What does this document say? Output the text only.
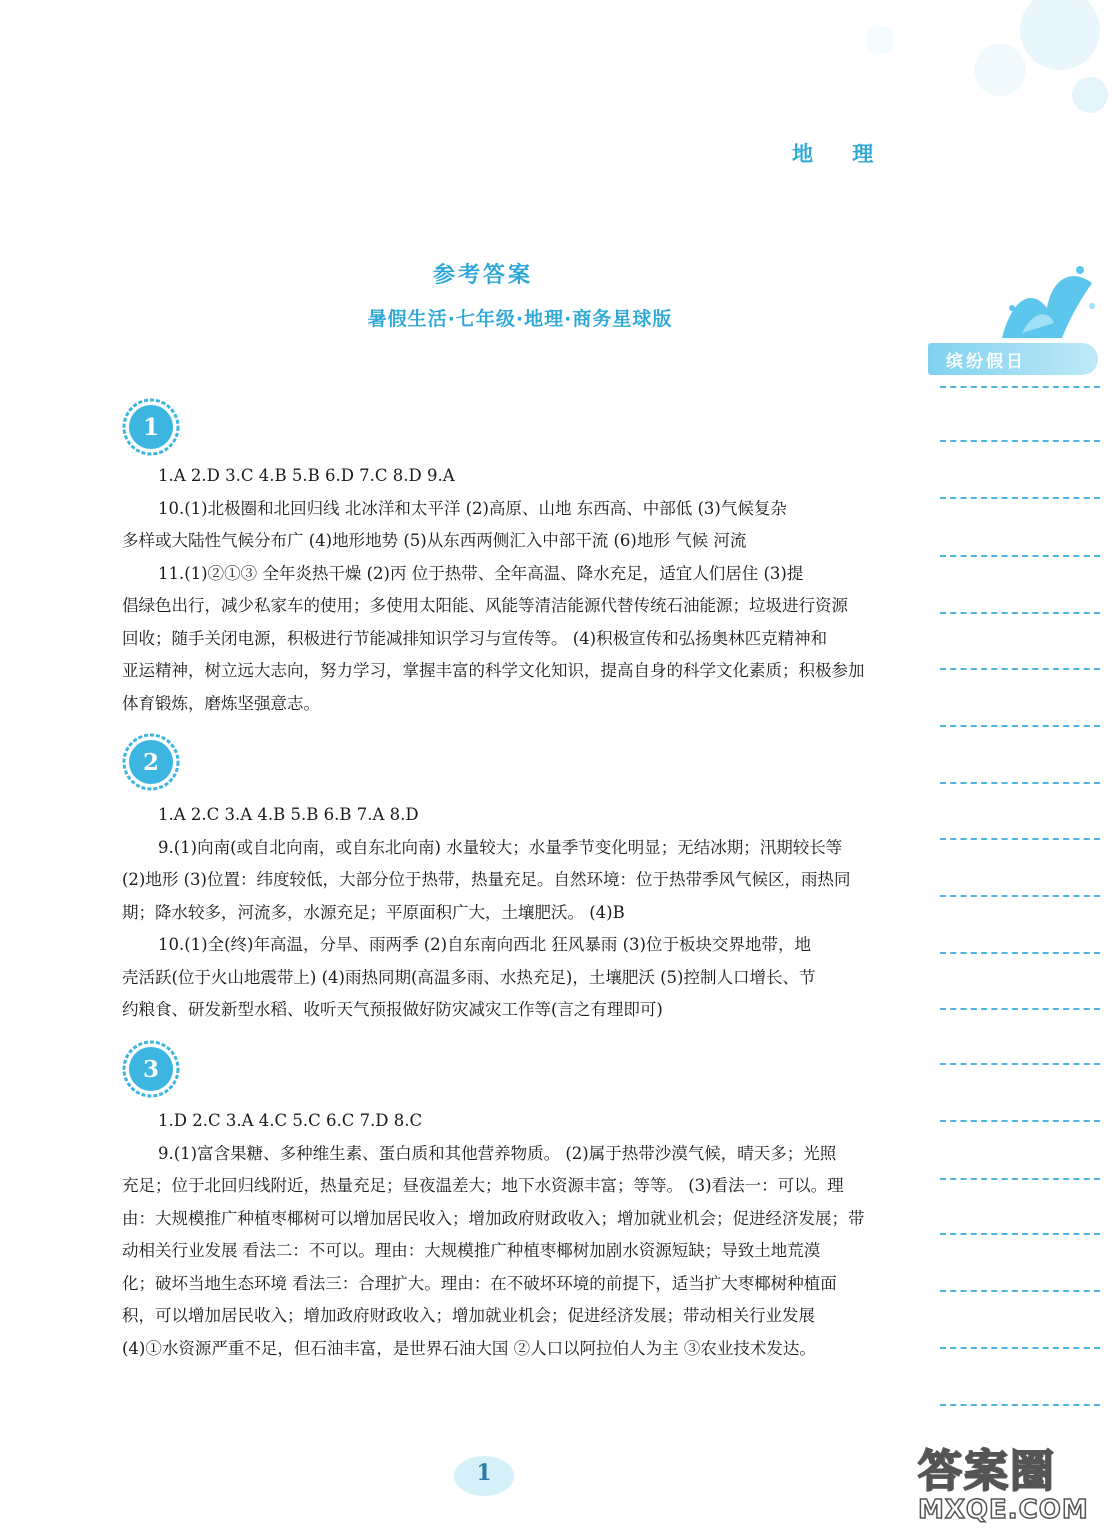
地 理
参考答案
暑假生活·七年级·地理·商务星球版
缤纷假日
1
1.A 2.D 3.C 4.B 5.B 6.D 7.C 8.D 9.A
10.(1)北极圈和北回归线 北冰洋和太平洋 (2)高原、山地 东西高、中部低 (3)气候复杂
多样或大陆性气候分布广 (4)地形地势 (5)从东西两侧汇入中部干流 (6)地形 气候 河流
11.(1)②①③ 全年炎热干燥 (2)丙 位于热带、全年高温、降水充足，适宜人们居住 (3)提
倡绿色出行，减少私家车的使用；多使用太阳能、风能等清洁能源代替传统石油能源；垃圾进行资源
回收；随手关闭电源，积极进行节能减排知识学习与宣传等。 (4)积极宣传和弘扬奥林匹克精神和
亚运精神，树立远大志向，努力学习，掌握丰富的科学文化知识，提高自身的科学文化素质；积极参加
体育锻炼，磨炼坚强意志。
2
1.A 2.C 3.A 4.B 5.B 6.B 7.A 8.D
9.(1)向南(或自北向南，或自东北向南) 水量较大；水量季节变化明显；无结冰期；汛期较长等
(2)地形 (3)位置：纬度较低，大部分位于热带，热量充足。自然环境：位于热带季风气候区，雨热同
期；降水较多，河流多，水源充足；平原面积广大，土壤肥沃。 (4)B
10.(1)全(终)年高温，分旱、雨两季 (2)自东南向西北 狂风暴雨 (3)位于板块交界地带，地
壳活跃(位于火山地震带上) (4)雨热同期(高温多雨、水热充足)，土壤肥沃 (5)控制人口增长、节
约粮食、研发新型水稻、收听天气预报做好防灾减灾工作等(言之有理即可)
3
1.D 2.C 3.A 4.C 5.C 6.C 7.D 8.C
9.(1)富含果糖、多种维生素、蛋白质和其他营养物质。 (2)属于热带沙漠气候，晴天多；光照
充足；位于北回归线附近，热量充足；昼夜温差大；地下水资源丰富；等等。 (3)看法一：可以。理
由：大规模推广种植枣椰树可以增加居民收入；增加政府财政收入；增加就业机会；促进经济发展；带
动相关行业发展 看法二：不可以。理由：大规模推广种植枣椰树加剧水资源短缺；导致土地荒漠
化；破坏当地生态环境 看法三：合理扩大。理由：在不破坏环境的前提下，适当扩大枣椰树种植面
积，可以增加居民收入；增加政府财政收入；增加就业机会；促进经济发展；带动相关行业发展
(4)①水资源严重不足，但石油丰富，是世界石油大国 ②人口以阿拉伯人为主 ③农业技术发达。
1	答案圈
MXQE.COM
